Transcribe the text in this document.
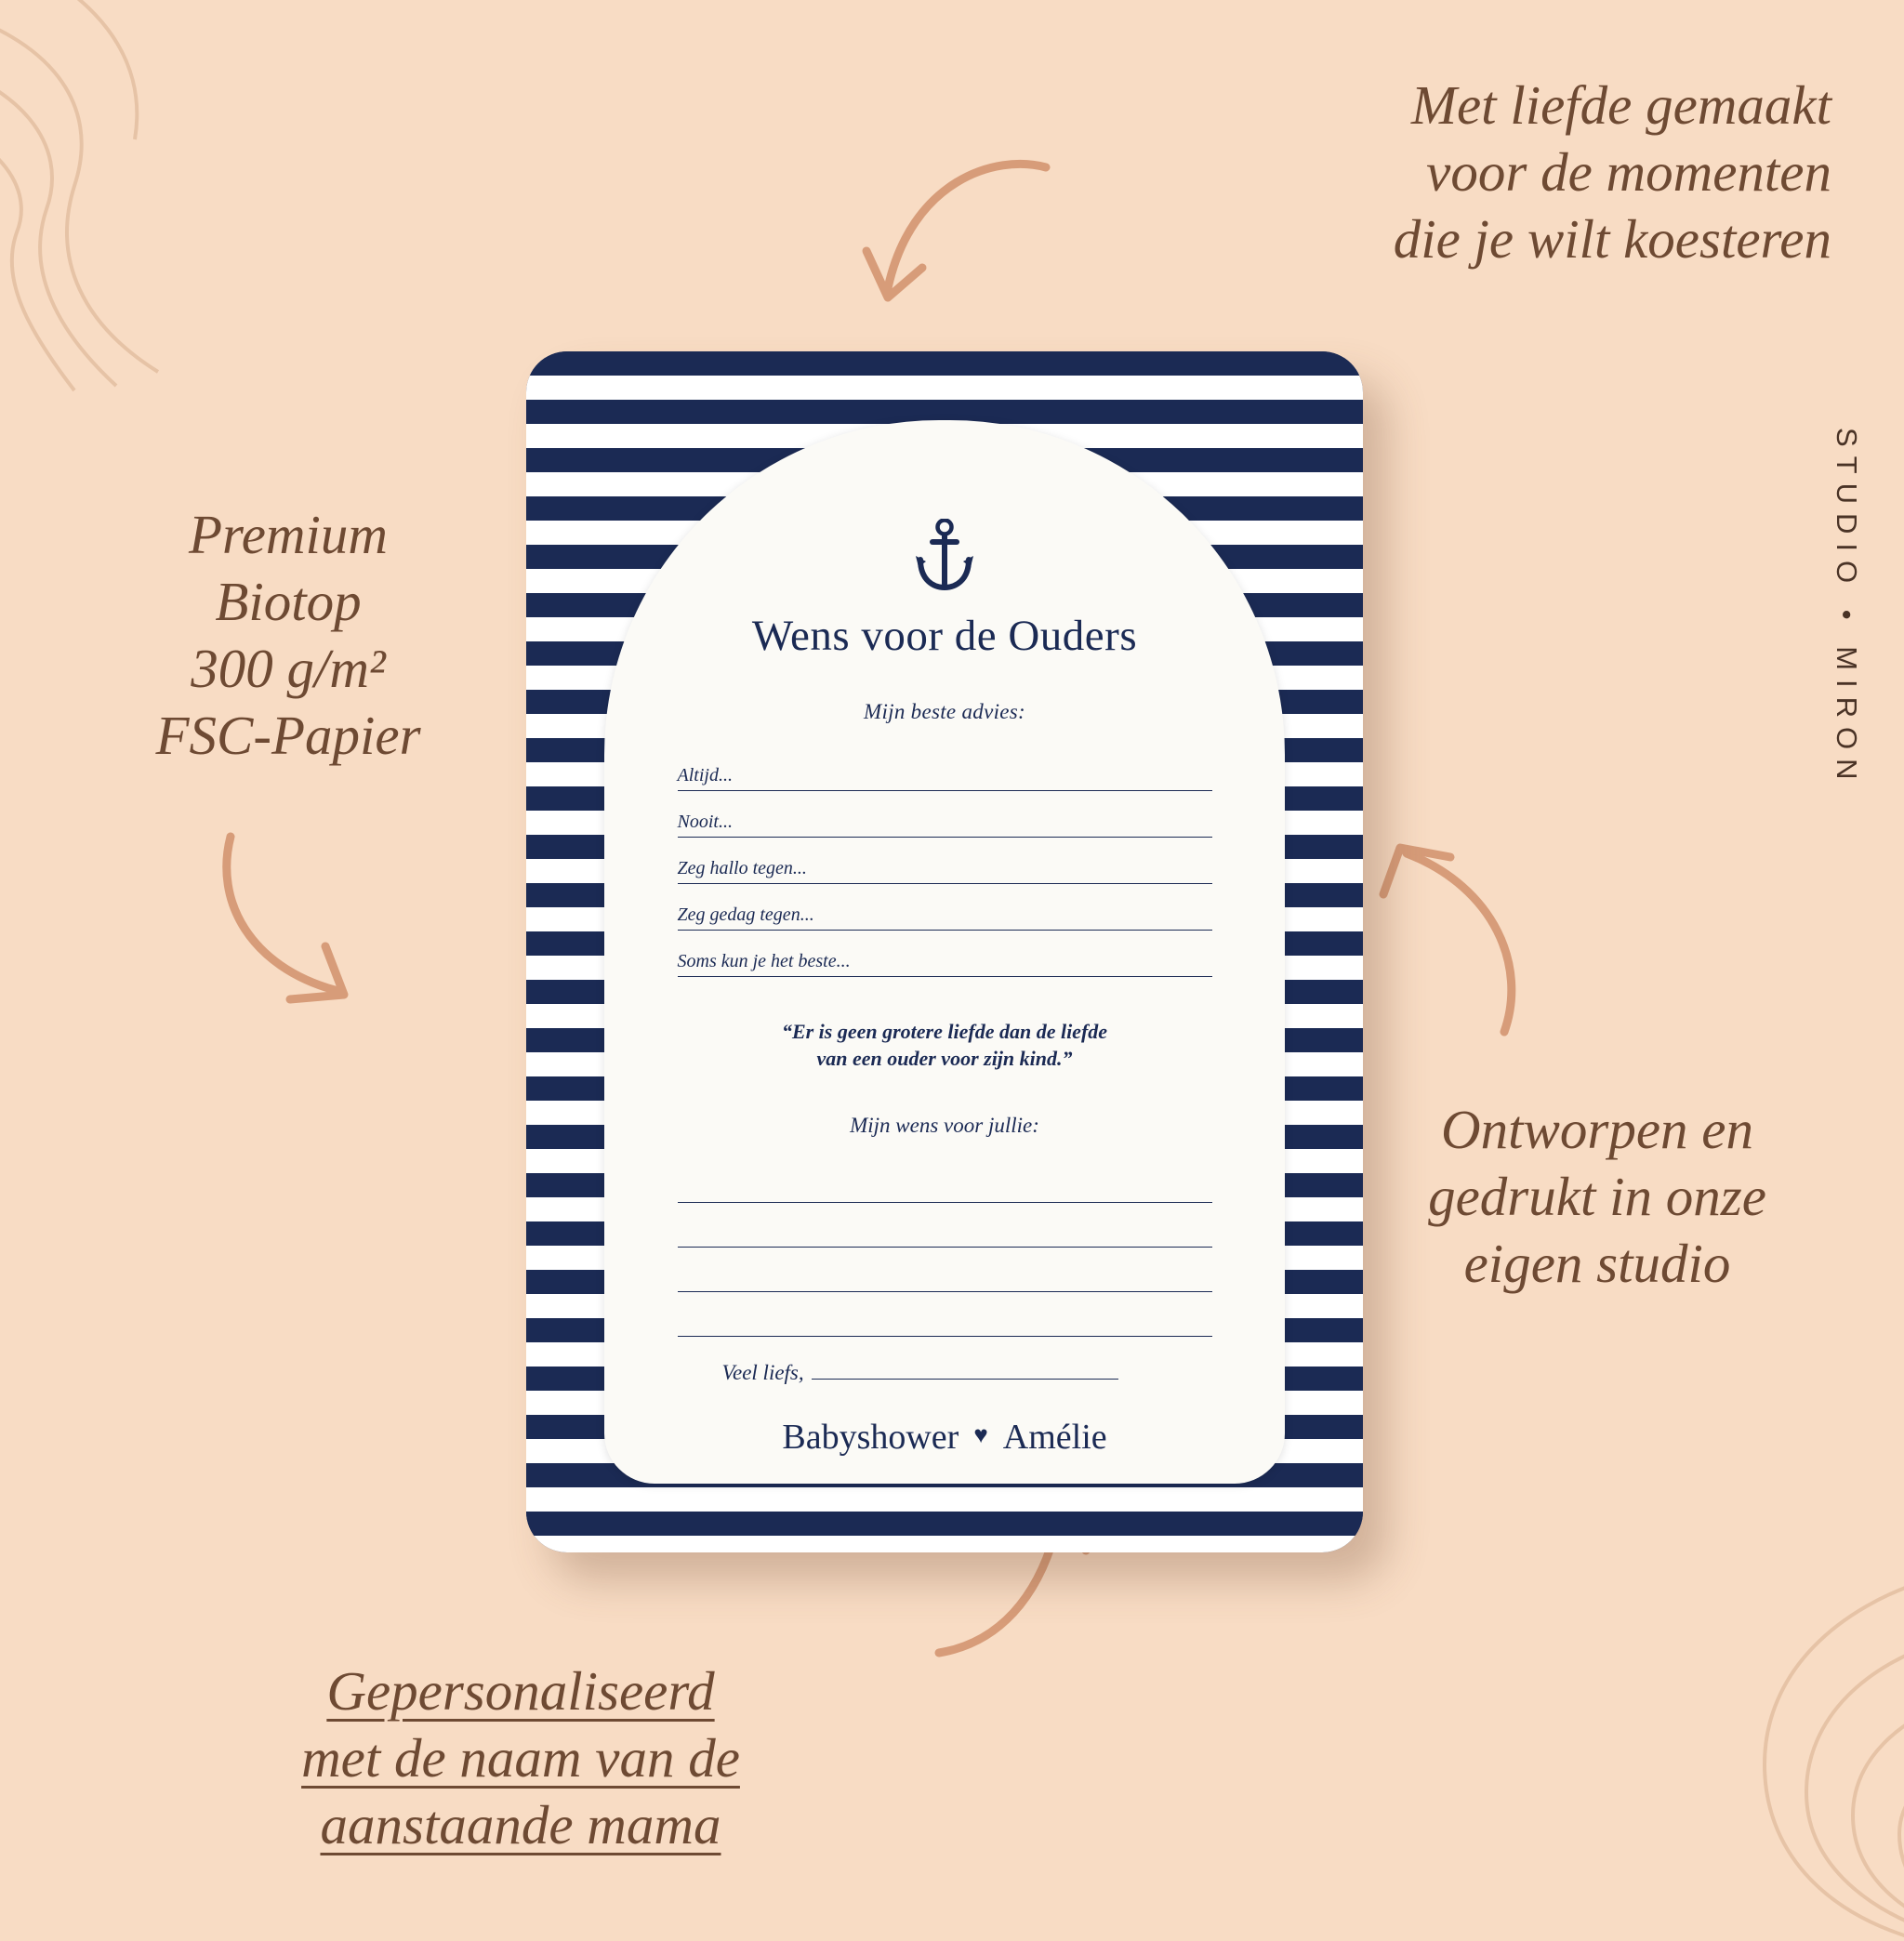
Met liefde gemaakt
voor de momenten
die je wilt koesteren
Premium
Biotop
300 g/m²
FSC-Papier
Ontworpen en
gedrukt in onze
eigen studio
Gepersonaliseerd
met de naam van de
aanstaande mama
STUDIO • MIRON
Wens voor de Ouders
Mijn beste advies:
Altijd...
Nooit...
Zeg hallo tegen...
Zeg gedag tegen...
Soms kun je het beste...
“Er is geen grotere liefde dan de liefde
van een ouder voor zijn kind.”
Mijn wens voor jullie:
Veel liefs,
Babyshower ♥ Amélie
